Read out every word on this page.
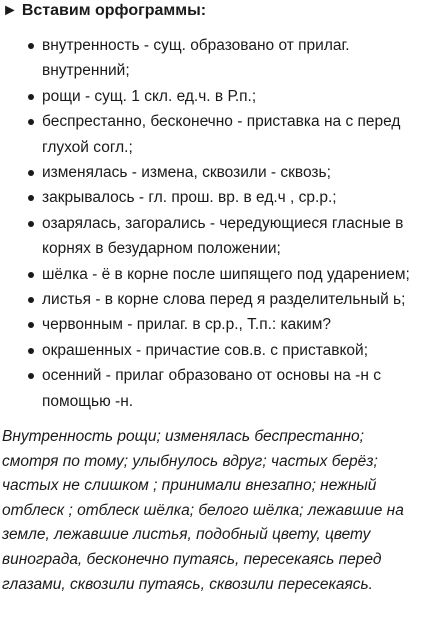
► Вставим орфограммы:
внутренность - сущ. образовано от прилаг. внутренний;
рощи - сущ. 1 скл. ед.ч. в Р.п.;
беспрестанно, бесконечно - приставка на с перед глухой согл.;
изменялась - измена, сквозили - сквозь;
закрывалось - гл. прош. вр. в ед.ч , ср.р.;
озарялась, загорались - чередующиеся гласные в корнях в безударном положении;
шёлка - ё в корне после шипящего под ударением;
листья - в корне слова перед я разделительный ь;
червонным - прилаг. в ср.р., Т.п.: каким?
окрашенных - причастие сов.в. с приставкой;
осенний - прилаг образовано от основы на -н с помощью -н.

Внутренность рощи; изменялась беспрестанно; смотря по тому; улыбнулось вдруг; частых берёз; частых не слишком ; принимали внезапно; нежный отблеск ; отблеск шёлка; белого шёлка; лежавшие на земле, лежавшие листья, подобный цвету, цвету винограда, бесконечно путаясь, пересекаясь перед глазами, сквозили путаясь, сквозили пересекаясь.
